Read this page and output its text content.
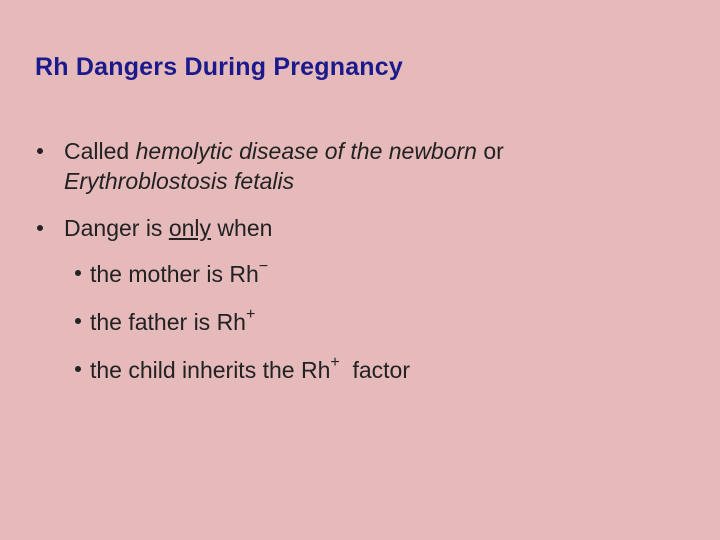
Rh Dangers During Pregnancy
Called hemolytic disease of the newborn or
Erythroblostosis fetalis
Danger is only when
the mother is Rh−
the father is Rh+
the child inherits the Rh+  factor
